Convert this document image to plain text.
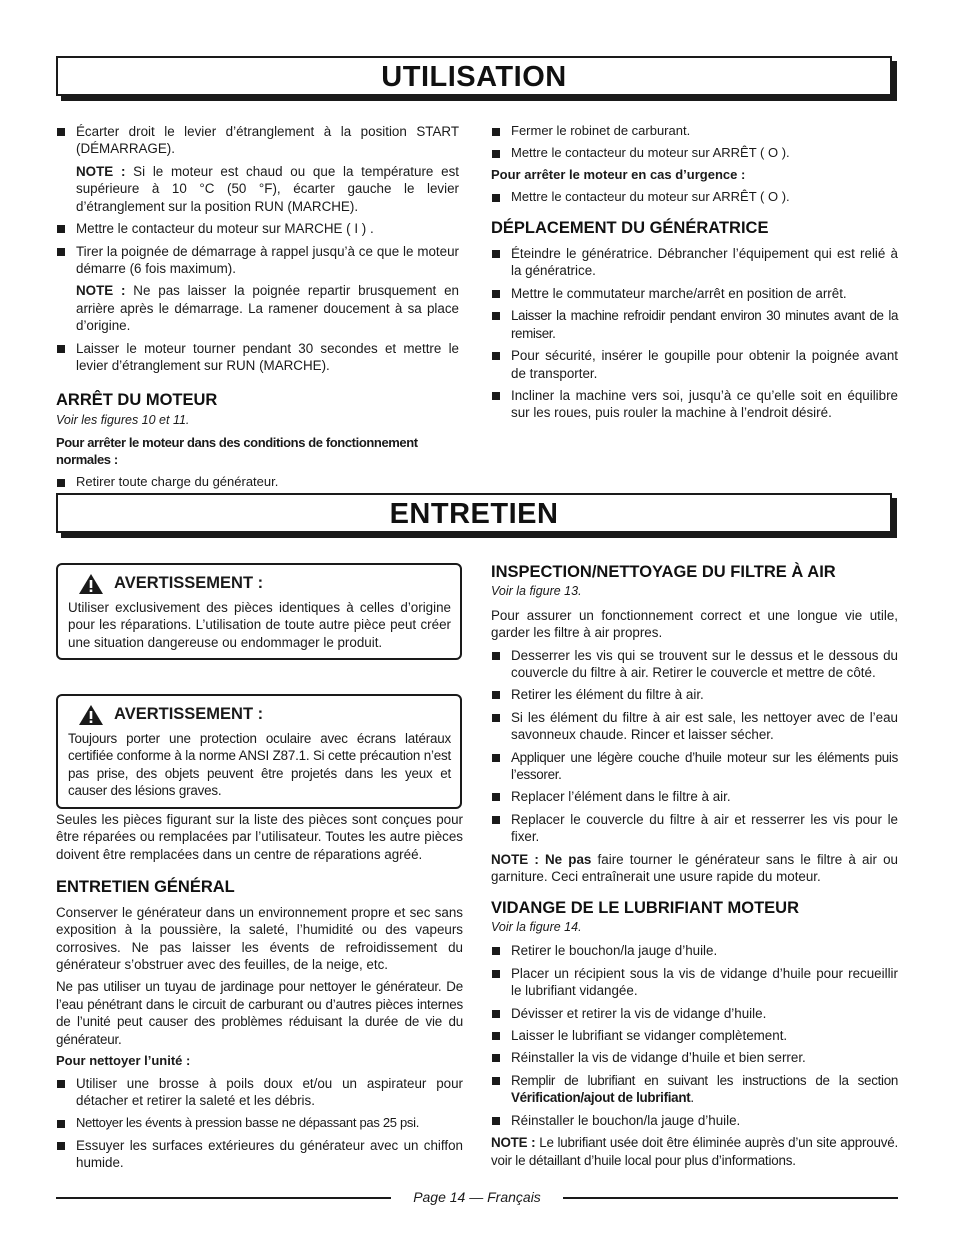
UTILISATION
Écarter droit le levier d’étranglement à la position START (DÉMARRAGE).

NOTE : Si le moteur est chaud ou que la température est supérieure à 10 °C (50 °F), écarter gauche le levier d’étranglement sur la position RUN (MARCHE).

Mettre le contacteur du moteur sur MARCHE ( I ) .
Tirer la poignée de démarrage à rappel jusqu’à ce que le moteur démarre (6 fois maximum).

NOTE : Ne pas laisser la poignée repartir brusquement en arrière après le démarrage. La ramener doucement à sa place d’origine.

Laisser le moteur tourner pendant 30 secondes et mettre le levier d’étranglement sur RUN (MARCHE).
ARRÊT DU MOTEUR

Voir les figures 10 et 11.

Pour arrêter le moteur dans des conditions de fonctionnement normales :

Retirer toute charge du générateur.
Fermer le robinet de carburant.
Mettre le contacteur du moteur sur ARRÊT ( O ).

Pour arrêter le moteur en cas d’urgence :

Mettre le contacteur du moteur sur ARRÊT ( O ).
DÉPLACEMENT DU GÉNÉRATRICE
Éteindre le génératrice. Débrancher l’équipement qui est relié à la génératrice.
Mettre le commutateur marche/arrêt en position de arrêt.
Laisser la machine refroidir pendant environ 30 minutes avant de la remiser.
Pour sécurité, insérer le goupille pour obtenir la poignée avant de transporter.
Incliner la machine vers soi, jusqu’à ce qu’elle soit en équilibre sur les roues, puis rouler la machine à l’endroit désiré.
ENTRETIEN
AVERTISSEMENT :

Utiliser exclusivement des pièces identiques à celles d’origine pour les réparations. L’utilisation de toute autre pièce peut créer une situation dangereuse ou endommager le produit.

AVERTISSEMENT :

Toujours porter une protection oculaire avec écrans latéraux certifiée conforme à la norme ANSI Z87.1. Si cette précaution n’est pas prise, des objets peuvent être projetés dans les yeux et causer des lésions graves.

Seules les pièces figurant sur la liste des pièces sont conçues pour être réparées ou remplacées par l’utilisateur. Toutes les autre pièces doivent être remplacées dans un centre de réparations agréé.

ENTRETIEN GÉNÉRAL

Conserver le générateur dans un environnement propre et sec sans exposition à la poussière, la saleté, l’humidité ou des vapeurs corrosives. Ne pas laisser les évents de refroidissement du générateur s’obstruer avec des feuilles, de la neige, etc.

Ne pas utiliser un tuyau de jardinage pour nettoyer le générateur. De l’eau pénétrant dans le circuit de carburant ou d’autres pièces internes de l’unité peut causer des problèmes réduisant la durée de vie du générateur.

Pour nettoyer l’unité :

Utiliser une brosse à poils doux et/ou un aspirateur pour détacher et retirer la saleté et les débris.
Nettoyer les évents à pression basse ne dépassant pas 25 psi.
Essuyer les surfaces extérieures du générateur avec un chiffon humide.
INSPECTION/NETTOYAGE DU FILTRE À AIR

Voir la figure 13.

Pour assurer un fonctionnement correct et une longue vie utile, garder les filtre à air propres.

Desserrer les vis qui se trouvent sur le dessus et le dessous du couvercle du filtre à air. Retirer le couvercle et mettre de côté.
Retirer les élément du filtre à air.
Si les élément du filtre à air est sale, les nettoyer avec de l’eau savonneux chaude. Rincer et laisser sécher.
Appliquer une légère couche d’huile moteur sur les éléments puis l’essorer.
Replacer l’élément dans le filtre à air.
Replacer le couvercle du filtre à air et resserrer les vis pour le fixer.

NOTE : Ne pas faire tourner le générateur sans le filtre à air ou garniture. Ceci entraînerait une usure rapide du moteur.

VIDANGE DE LE LUBRIFIANT MOTEUR

Voir la figure 14.

Retirer le bouchon/la jauge d’huile.
Placer un récipient sous la vis de vidange d’huile pour recueillir le lubrifiant vidangée.
Dévisser et retirer la vis de vidange d’huile.
Laisser le lubrifiant se vidanger complètement.
Réinstaller la vis de vidange d’huile et bien serrer.
Remplir de lubrifiant en suivant les instructions de la section Vérification/ajout de lubrifiant.
Réinstaller le bouchon/la jauge d’huile.

NOTE : Le lubrifiant usée doit être éliminée auprès d’un site approuvé. voir le détaillant d’huile local pour plus d’informations.

Page 14 — Français
